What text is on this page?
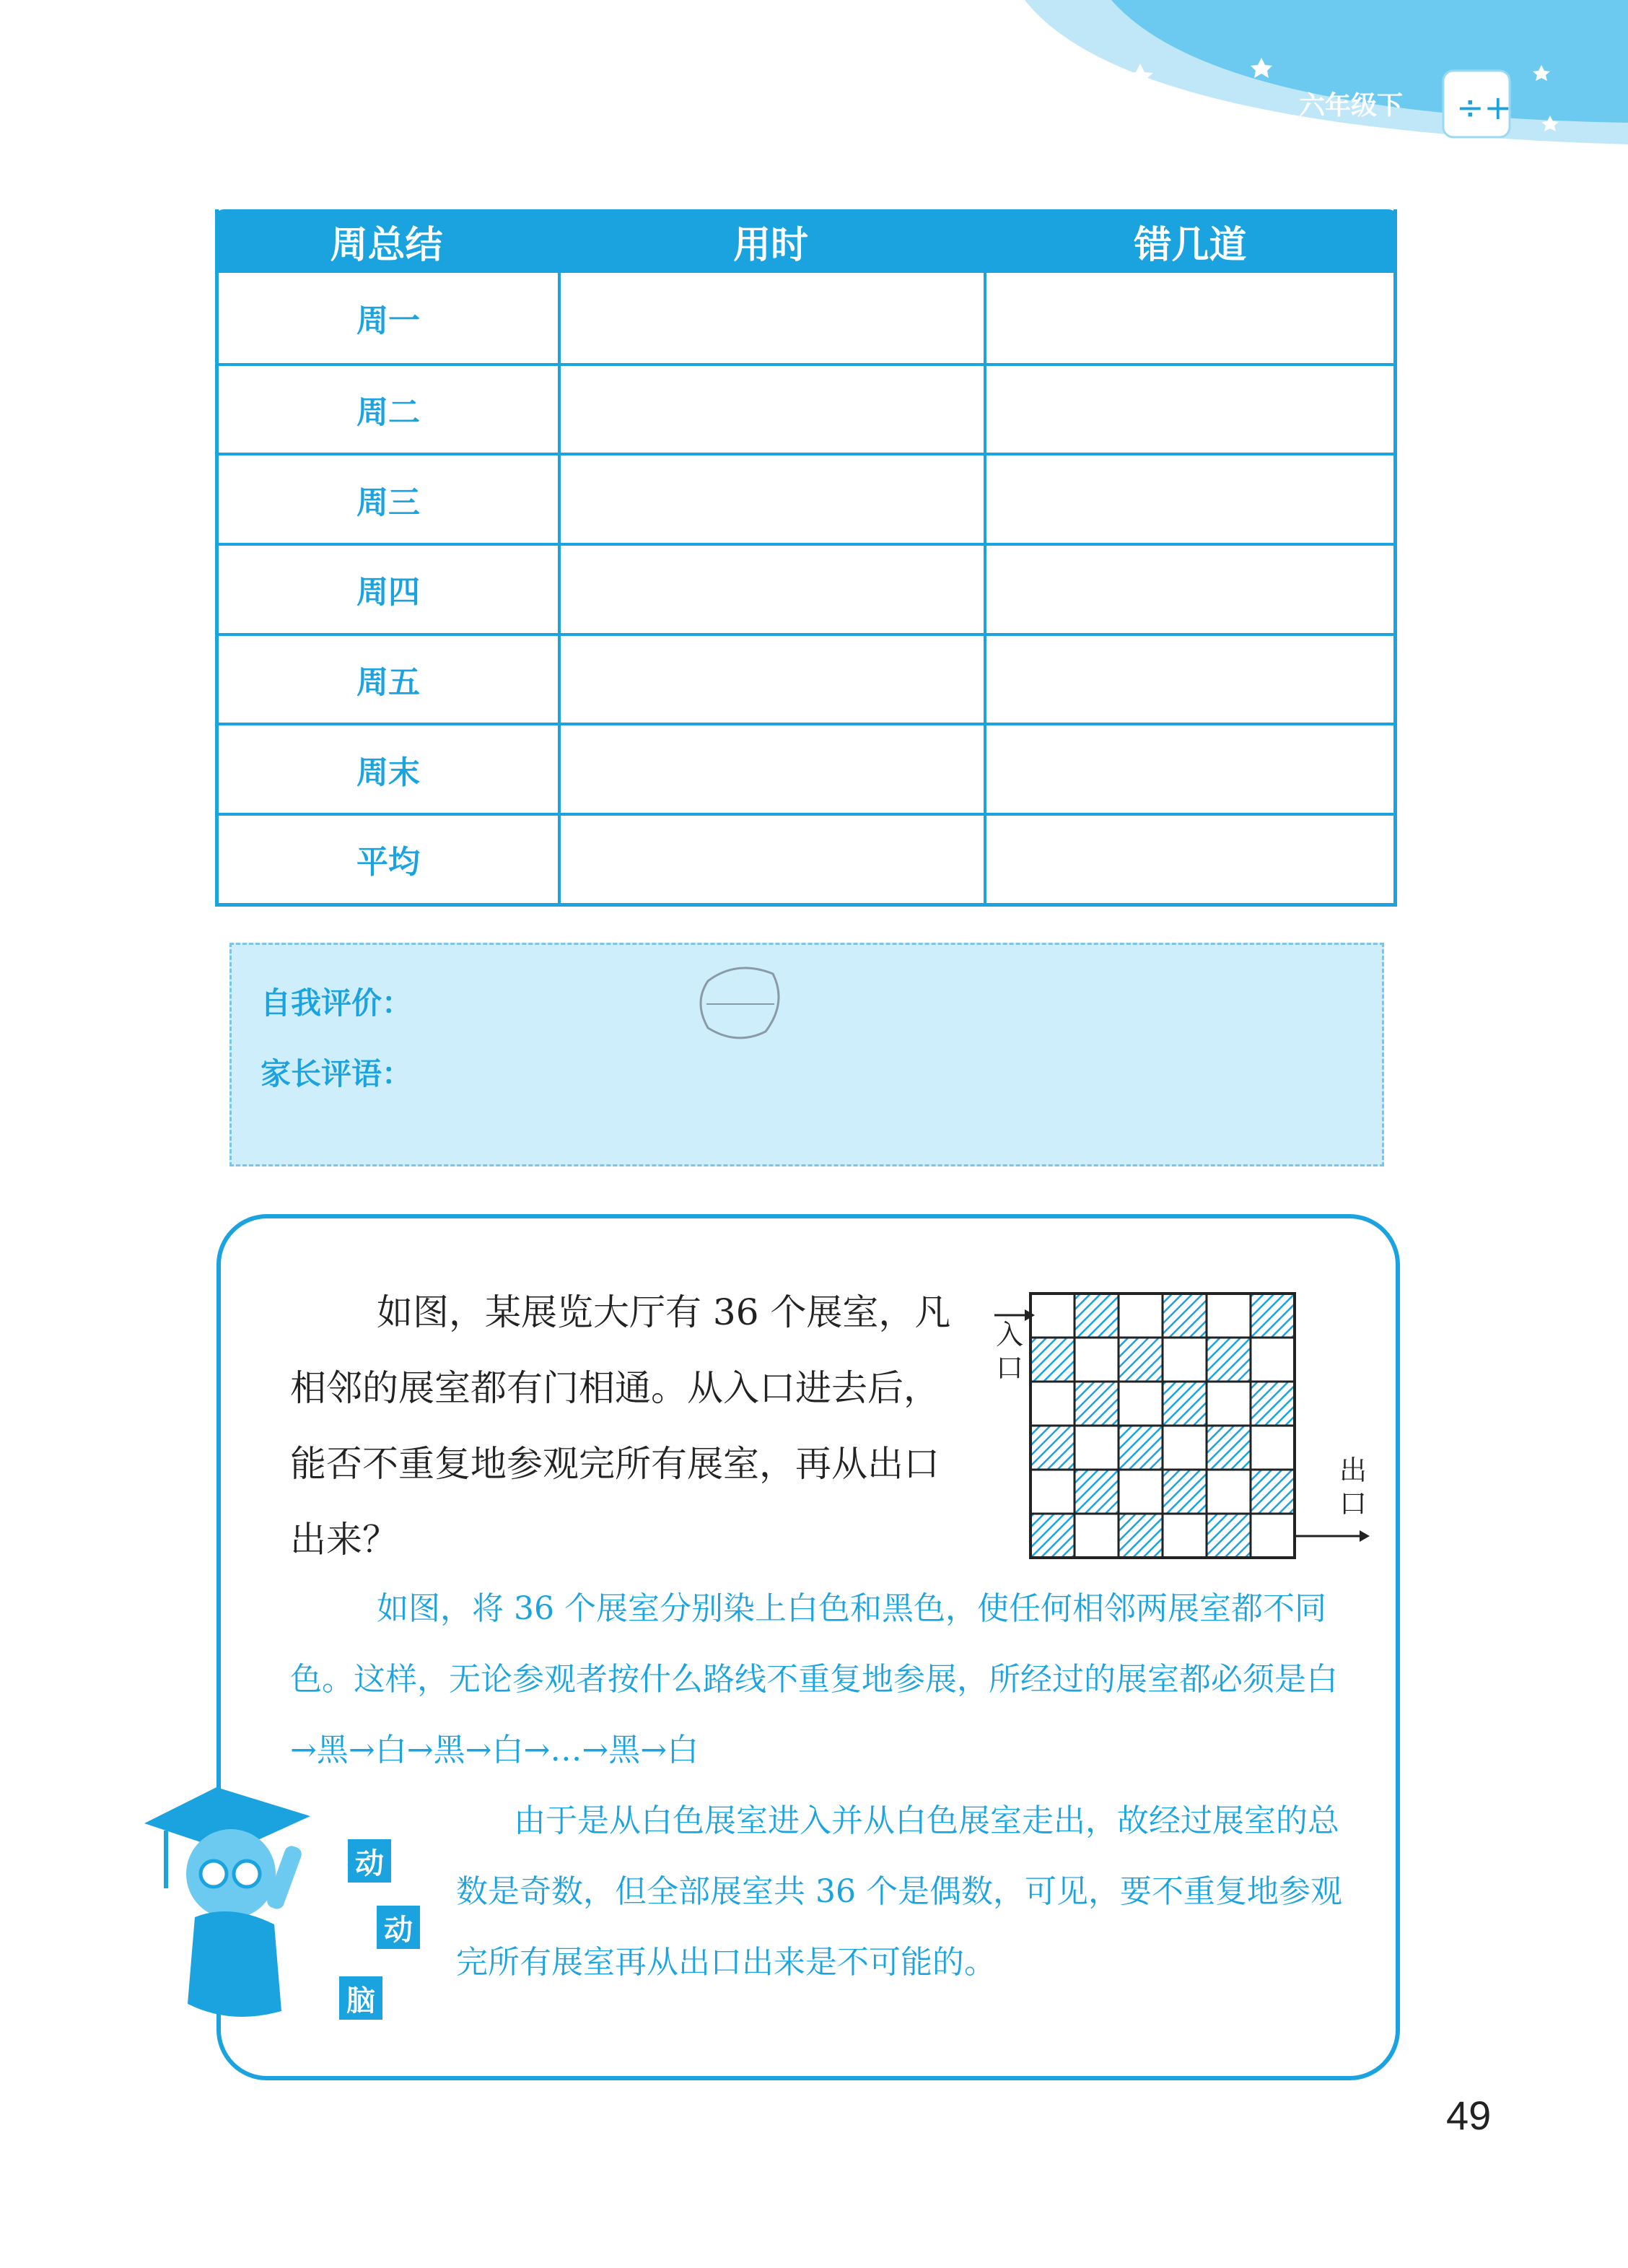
÷+
六年级下
周总结	用时	错几道
周一
周二
周三
周四
周五
周末
平均
自我评价：
家长评语：
如图，某展览大厅有 36 个展室，凡相邻的展室都有门相通。从入口进去后，能否不重复地参观完所有展室，再从出口出来？
入
口
出
口
如图，将 36 个展室分别染上白色和黑色，使任何相邻两展室都不同色。这样，无论参观者按什么路线不重复地参展，所经过的展室都必须是白→黑→白→黑→白→…→黑→白
由于是从白色展室进入并从白色展室走出，故经过展室的总数是奇数，但全部展室共 36 个是偶数，可见，要不重复地参观完所有展室再从出口出来是不可能的。
动
动
脑
49
